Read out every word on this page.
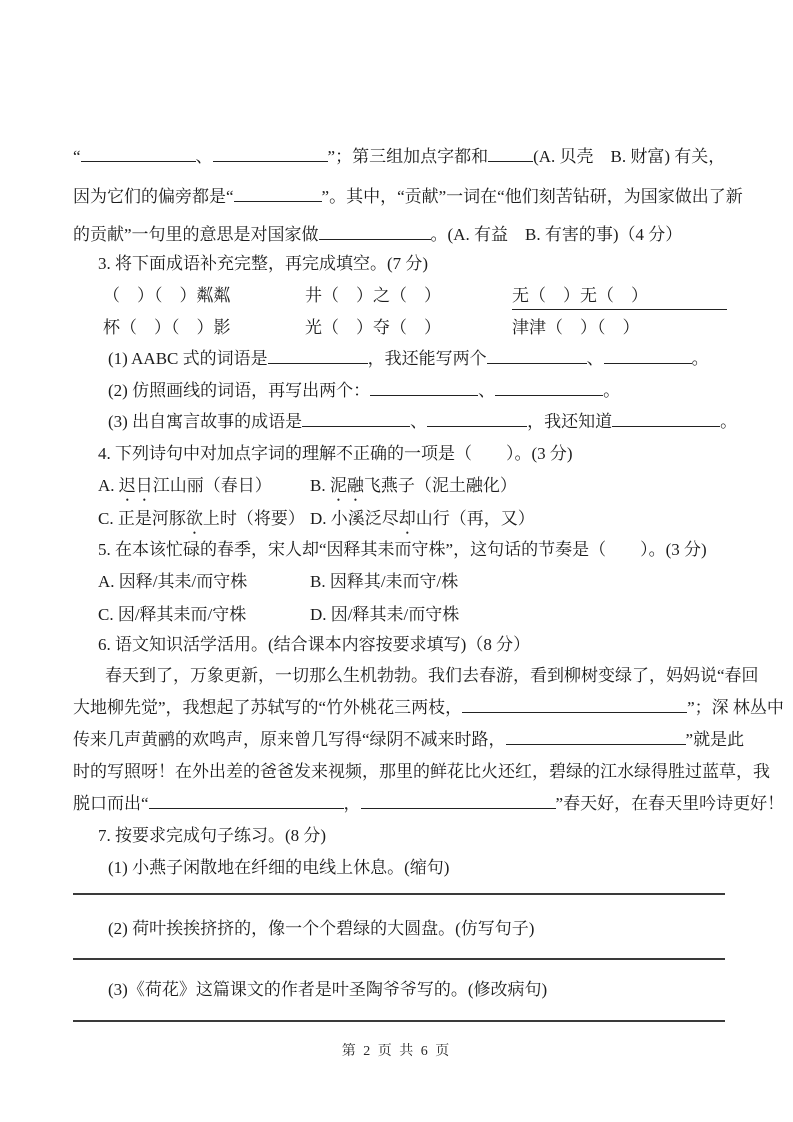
“	、	”；第三组加点字都和	(A. 贝壳　B. 财富) 有关，
因为它们的偏旁都是“	”。其中，“贡献”一词在“他们刻苦钻研，为国家做出了新
的贡献”一句里的意思是对国家做	。(A. 有益　B. 有害的事)（4 分）
3. 将下面成语补充完整，再完成填空。(7 分)
（　）（　）粼粼	井（　）之（　）	无（　）无（　）
杯（　）（　）影	光（　）夺（　）	津津（　）（　）
(1) AABC 式的词语是	，我还能写两个	、	。
(2) 仿照画线的词语，再写出两个：	、	。
(3) 出自寓言故事的成语是	、	，我还知道	。
4. 下列诗句中对加点字词的理解不正确的一项是（　　）。(3 分)
A. 迟日江山丽（春日） B. 泥融飞燕子（泥土融化）
C. 正是河豚欲上时（将要） D. 小溪泛尽却山行（再，又）
5. 在本该忙碌的春季，宋人却“因释其耒而守株”，这句话的节奏是（　　）。(3 分)
A. 因释/其耒/而守株	B. 因释其/耒而守/株
C. 因/释其耒而/守株	D. 因/释其耒/而守株
6. 语文知识活学活用。(结合课本内容按要求填写)（8 分）
春天到了，万象更新，一切那么生机勃勃。我们去春游，看到柳树变绿了，妈妈说“春回
大地柳先觉”，我想起了苏轼写的“竹外桃花三两枝，	”；深 林丛中
传来几声黄鹂的欢鸣声，原来曾几写得“绿阴不减来时路，	”就是此
时的写照呀！在外出差的爸爸发来视频，那里的鲜花比火还红，碧绿的江水绿得胜过蓝草，我
脱口而出“	，	”春天好，在春天里吟诗更好！
7. 按要求完成句子练习。(8 分)
(1) 小燕子闲散地在纤细的电线上休息。(缩句)
(2) 荷叶挨挨挤挤的，像一个个碧绿的大圆盘。(仿写句子)
(3)《荷花》这篇课文的作者是叶圣陶爷爷写的。(修改病句)
第 2 页 共 6 页
